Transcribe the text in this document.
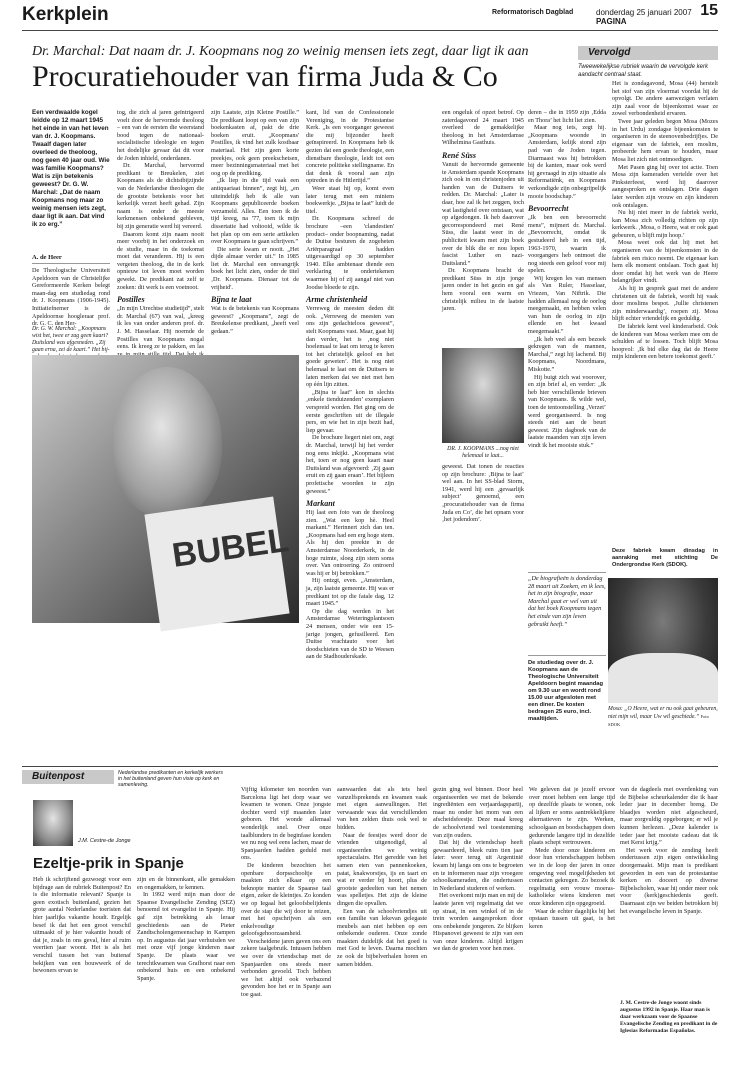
Kerkplein	Reformatorisch Dagblad	donderdag 25 januari 2007 PAGINA
15
Dr. Marchal: Dat naam dr. J. Koopmans nog zo weinig mensen iets zegt, daar ligt ik aan
Procuratiehouder van firma Juda & Co
Vervolgd
Tweewekelijkse rubriek waarin de vervolgde kerk aandacht centraal staat.
Een verdwaalde kogel leidde op 12 maart 1945 het einde in van het leven van dr. J. Koopmans. Twaalf dagen later overleed de theoloog, nog geen 40 jaar oud. Wie was familie Koopmans? Wat is zijn betekenis geweest? Dr. G. W. Marchal: „Dat de naam Koopmans nog maar zo weinig mensen iets zegt, daar ligt ik aan. Dat vind ik zo erg.”
A. de Heer

De Theologische Universiteit Apeldoorn van de Christelijke Gereformeerde Kerken belegt maan-dag een studiedag rond dr. J. Koopmans (1906-1945). Initiatiefnemer is de Apeldoornse hoogleraar prof. dr. G. C. den Her-

Dr. G. W. Marchal: „Koopmans wist het, twee er zag geen kaart? Duitsland was afgesneden. „Zij gaan erna, zei de kaart.” Het bij-

tog, die zich al jaren geïntrigeerd voelt door de hervormde theoloog – een van de eersten die weerstand bood tegen de nationaal-socialistische ideologie en tegen het dodelijke gevaar dat dit voor de Joden inhield, onderdanen.

Dr. Marchal, hervormd predikant te Breukelen, ziet Koopmans als de dichtstbijzijnde van de Nederlandse theologen die de grootste betekenis voor het kerkelijk verzet heeft gehad. Zijn naam is onder de meeste kerkmensen onbekend gebleven, bij zijn generatie werd hij vereerd.

Daarom komt zijn naam nooit meer voorbij in het onderzoek en de studie, maar in de toekomst moet dat veranderen. Hij is een vergeten theoloog, die in de kerk opnieuw tot leven moet worden gewekt. De predikant zat zelf te zoeken: dit werk is een voetnoot.

Postilles

„In mijn Utrechtse studietijd”, stelt dr. Marchal (67) van wal, „kreeg ik les van onder anderen prof. dr. J. M. Hasselaar. Hij noemde de Postilles van Koopmans nogal eens. Ik kreeg ze te pakken, en las

zijn Laatste, zijn Kleine Postille.” De predikant loopt op een van zijn boekenkasten af, pakt de drie boeken eruit. „Koopmans' Postilles, ik vind het zulk kostbaar materiaal. Het zijn geen korte preekjes, ook geen preekschetsen, meer bezinningsmateriaal met het oog op de prediking.

„Ik liep in die tijd vaak een antiquariaat binnen”, zegt hij, „en uiteindelijk heb ik alle van Koopmans gepubliceerde boeken verzameld. Alles. Een toen ik de tijd kreeg, na '77, toen ik mijn dissertatie had voltooid, wilde ik het plan op om een serie artikelen over Koopmans te gaan schrijven.”

Die serie kwam er nooit. „Het dijde almaar verder uit.” In 1985 liet dr. Marchal een omvangrijk boek het licht zien, onder de titel ‚Dr. Koopmans. Dienaar tot de vrijheid'.

Bijna te laat

Wat is de betekenis van Koopmans geweest? „Koopmans”, zegt de Breukelense predikant, „heeft veel gedaan.”

BUBEL

kant, lid van de Confessionele Vereniging, in de Protestantse Kerk. „Is een voorganger geweest die mij bijzonder heeft geïnspireerd. In Koopmans heb ik gezien dat een goede theologie, een dienstbare theologie, leidt tot een concrete politieke stellingname. En dat denk ik vooral aan zijn optreden in de Hitlertijd.”

Weer staat hij op, komt even later terug met een miniem boekwerkje. „Bijna te laat” luidt de titel.

Dr. Koopmans schreef de brochure –een 'clandestien' product– onder boopnaming, nadat de Duitse besturen de zogeheten Ariërparagraaf hadden uitgevaardigd op 30 september 1940. Elke ambtenaar diende een verklaring te ondertekenen waarmee hij of zij aangaf niet van Joodse bloede te zijn.

Arme christenheid

Verreweg de meesten deden dit ook. „Verreweg de meesten van ons zijn gedachteloos geweest”, stelt Koopmans vast. Maar, gaat hij dan verder, het is ‚nog niet hoelemaal te laat om terug te keren tot het christelijk geloof en het goede geweten’. Het is nog niet helemaal te laat om de Duitsers te laten merken dat we niet met hen op één lijn zitten.

„Bijna te laat” kon in slechts ‚enkele tienduizenden’ exemplaren verspreid worden. Het ging om de eerste geschriften uit de illegale pers, en wie het in zijn bezit had, liep gevaar.

De brochure liegert niet om, zegt dr. Marchal, terwijl hij het verder nog eens inkijkt. „Koopmans wist het, toen er nog geen kaart naar Duitsland was afgevoerd: ‚Zij gaan eruit en zij gaan eraan’. Het bijleen profetische woorden te zijn geweest.”

Markant

Hij laat een foto van de theoloog zien. „Wat een kop hè. Heel markant.” Herinnert zich dan ten. „Koopmans had een erg hoge stem. Als hij den preekte in de Amsterdamse Noorderkerk, in de hoge ruimte, sloeg zijn stem soms over. Van ontroering. Zo ontroerd was hij er bij betrokken.”

Hij ontzgt, even. „Amsterdam, ja, zijn laatste gemeente. Hij was er predikant tot op die fatale dag, 12 maart 1945.”

Op die dag werden in het Amsterdamse Weteringplantsoen 24 mensen, onder wie een 15-jarige jongen, gefusilleerd. Een Duitse vrachtauto voer het doodschieten van de SD te Weesen aan de Stadhouderskade.

een ongeluk of opzet betrof. Op zaterdagavond 24 maart 1945 overleed de gemakkelijke theoloog in het Amsterdamse Wilhelmina Gasthuis.

René Süss

Vanuit de hervormde gemeente te Amsterdam spande Koopmans zich ook in om christenjoden uit handen van de Duitsers te redden. Dr. Marchal: „Later is daar, hoe zal ik het zeggen, toch wat lastigheid over ontstaan, wat op afgedongen. Ik heb daarover gecorrespondeerd met René Süss, die laatst weer in de publiciteit kwam met zijn boek over de blik die er nou lopen fascist Luther en nazi-Duitsland.”

Dr. Koopmans bracht de predikant Süss in zijn jonge jaren onder in het gezin en gaf hem vooral een warm en christelijk milieu in de laatste jaren.

DR. J. KOOPMANS ...nog niet helemaal te laat...

geweest. Dat tonen de reacties op zijn brochure: ‚Bijna te laat’ wel aan. In het SS-blad Storm, 1941, werd hij een ‚gevaarlijk subject’ genoemd, een ‚procuratiehouder van de firma Juda en Co’, die het opnam voor ‚het jodendom’.

deren – die in 1959 zijn ‚Edda en Thora’ het licht liet zien.

Maar nog iets, zegt hij. „Koopmans woonde in Amsterdam, kelijk stond zijn pad van de Joden tegen. Diarmaast was hij betrokken bij de kanten, maar ook werd hij gevraagd in zijn situatie als Reformatiënk, en Koopmans verkondigde zijn onbegrijpelijk mooie boodschap.”

Bevoorrecht

„Ik ben een bevoorrecht mens”, mijmert dr. Marchal. „Bevoorrecht, omdat ik gestudeerd heb in een tijd, 1963-1970, waarin ik voorgangers heb ontmoet die nog steeds een geloof voor mij spelen.

Wij kregen les van mensen als Van Ruler, Hasselaar, Vriezen, Van Niftrik. Die hadden allemaal nog de oorlog meegemaakt, en hebben velen van hun de oorlog in zijn ellende en het kwaad meegemaakt.”

„Ik heb veel als een bezoek gekregen van de mannen, Marchal,” zegt hij lachend. Bij Koopmans, Noordmans, Miskotte.”

Hij buigt zich wat voorover, en zijn brief al, en verder: „Ik heb hier verschillende brieven van Koopmans. Ik wilde wel, toen de tentoonstelling ‚Verzet’ werd georganiseerd. Is nog steeds niet aan de beurt geweest. Zijn dagboek van de laatste maanden van zijn leven vindt ik het mooiste stuk.”

„De biografieën is donderdag 28 maart uit Zoeken, en ik lees, het in zijn biografie, maar Marchal gaat er wel van uit dat het boek Koopmans tegen het einde van zijn leven gebruikt heeft.”
De studiedag over dr. J. Koopmans aan de Theologische Universiteit Apeldoorn begint maandag om 9.30 uur en wordt rond 15.00 uur afgesloten met een diner. De kosten bedragen 25 euro, incl. maaltijden.

Het is zondagavond, Mosa (44) herstelt het stof van zijn vloermat voordat hij de opvolgt. De andere aanwezigen verlaten zijn zaal voor de bijeenkomst waar ze zowel verbondenheid ervaren.

Twee jaar geleden begon Mosa (Mozes in het Urdu) zondagse bijeenkomsten te organiseren in de steenovenbedrijfjes. De eigenaar van de fabriek, een moslim, probeerde hem ervan te houden, maar Mosa liet zich niet ontmoedigen.

Met Pasen ging hij over tot actie. Toen Mosa zijn kameraden vertelde over het Pinksterfeest, werd hij daarover aangesproken en ontslagen. Drie dagen later werden zijn vrouw en zijn kinderen ook ontslagen.

Nu hij niet meer in de fabriek werkt, kan Mosa zich volledig richten op zijn kerkwerk. ‚Mosa, o Heere, wat er ook gaat gebeuren, u blijft mijn hoop.’

Mosa weet ook dat hij met het organiseren van de bijeenkomsten in de fabriek een risico neemt. De eigenaar kan hem elk moment ontslaan. Toch gaat hij door omdat hij het werk van de Heere belangrijker vindt.

Als hij in gesprek gaat met de andere christenen uit de fabriek, wordt hij vaak door moslims bespot. ‚Jullie christenen zijn minderwaardig’, roepen zij. Mosa blijft echter vriendelijk en geduldig.

De fabriek kent veel kinderarbeid. Ook de kinderen van Mosa werken mee om de schulden af te lossen. Toch blijft Mosa hoopvol: ‚Ik bid elke dag dat de Heere mijn kinderen een betere toekomst geeft.’

Deze fabriek kwam dinsdag in aanraking met stichting De Ondergrondse Kerk (SDOK).
Mosa: „O Heere, wat er nu ook gaat gebeuren, niet mijn wil, maar Uw wil geschiede.” Foto SDOK
Buitenpost	Nederlandse predikanten en kerkelijk werkers in het buitenland geven hun visie op kerk en samenleving.
J.M. Cestre-de Jonge
Ezeltje-prik in Spanje

Heb ik schrijftend gezwoegt voor een bijdrage aan de rubriek Buitenpost? En is die informatie relevant? Spanje is geen exotisch buitenland, gezien het grote aantal Nederlandse toeristen dat hier jaarlijks vakantie houdt. Ergelijk besef ik dat het een groot verschil uitmaakt of je hier vakantie houdt of dat je, zoals in ons geval, hier al ruim veertien jaar woont. Het is als het verschil tussen het van buitenaf bekijken van een bouwwerk of de bewoners ervan te

zijn en de binnenkant, alle gemakken en ongemakken, te kennen.

In 1992 werd mijn man door de Spaanse Evangelische Zending (SEZ) benoemd tot evangelist in Spanje. Hij gaf zijn betrekking als leraar geschiedenis aan de Pieter Zandtscholengemeenschap in Kampen op. In augustus dat jaar verhuisden we met onze vijf jonge kinderen naar Spanje. De plaats waar we terechtkwamen was Grafhorst naar een onbekend huis en een onbekend Spanje.

Vijftig kilometer ten noorden van Barcelona ligt het dorp waar we kwamen te wonen. Onze jongste dochter werd vijf maanden later geboren. Het wonde allemaal wonderlijk snel. Over onze taalblunders in de beginfase konden we nu nog wel eens lachen, maar de Spanjaarden hadden geduld met ons.

De kinderen bezochten het openbare dorpsschooltje en maakten zich elkaar op een beknopte manier de Spaanse taal eigen, zeker de kleintjes. Zo konden we op Iegaal het geloofsbelijdenis over de stap die wij door te reizen, met het opschrijven als een enkelvoudige geloofsgehoorzaamheid.

Verscheidene jaren gaven ons een zekere taalgebruik. Intussen hebben we over de vriendschap met de Spanjaarden ons steeds meer verbonden gevoeld. Toch hebben we het altijd ook verbazend gevonden hoe het er in Spanje aan toe gaat.

aanwaarden dat als iets heel vanzelfsprekends en kwamen vaak met eigen aanwullingen. Het verwaande was dat verschillenden van hen zelden thuis ook wel te bidden.

Naar de feestjes werd door de vrienden uitgenodigd, al organiseerden we weinig spectaculairs. Het geredde van het samen eten van pannenkoeken, patat, knakworstjes, ijs en taart en wat er verder bij hoort, plus de grootste gedeelten van het nemen was spelletjes. Het zijn de kleine dingen die opvallen.

Een van de schoolvriendjes uit een familie van lekevan gelegaste meubels aan niet hebben op een onbekende ouderen. Onze zonde maakten duidelijk dat het goed is met God te leven. Daarna mochten ze ook de bijbelverhalen horen en samen bidden.

gezin ging wel binnen. Door heel organiseerden we met de bekende ingrediënten een verjaardagspartij, maar nu onder het mom van een afscheidsfeestje. Deze maal kreeg de schoolvriend wel toestemming van zijn ouders.

Dat hij die vriendschap heeft gewaardeerd, bleek ruim tien jaar later: weer terug uit Argentinië kwam hij langs om ons te begroeten en te informeren naar zijn vroegere schoolkameraden, die ondertussen in Nederland studeren of werken.

Het overkomt mijn man en mij de laatste jaren vrij regelmatig dat we op straat, in een winkel of in de trein worden aangesproken door ons onbekende jongeren. Ze blijken Hispanovet geweest te zijn van een van onze kinderen. Altijd krijgen we dan de groeten voor hen mee.

We geleven dat je jezelf ervoor over moet hebben een lange tijd op dezelfde plaats te wonen, ook al lijken er soms aantrekkelijkere alternatieven te zijn. Werken, schoolgaan en boodschappen doen gedurende langere tijd in dezelfde plaats schept vertrouwen.

Mede door onze kinderen en door hun vriendschappen hebben we in de loop der jaren in onze omgeving veel mogelijkheden tot contacten gekregen. Zo bezoek ik regelmatig een vrouw moeras-katholieke wiens kinderen met onze kinderen zijn opgegroeid.

Waar de echter dagelijks bij het opstaan tussen uit gaat, is het keren

van de dagdeels met overdenking van de Bijbelse scheurkalender die ik haar leder jaar in december breng. De blaadjes worden niet afgescheurd, maar zorgvuldig opgeborgen; er wil je kunnen herlezen. „Deze kalender is ieder jaar het mooiste cadeau dat ik met Kerst krijg.”

Het werk voor de zending heeft ondertussen zijn eigen ontwikkeling doorgemaakt. Mijn man is predikant geworden in een van de protestantse kerken en doceert op diverse Bijbelscholen, waar hij onder meer ook voor (kerk)geschiedenis geeft. Daarnaast zijn we beiden betrokken bij het evangelische leven in Spanje.

J. M. Cestre-de Jonge woont sinds augustus 1992 in Spanje. Haar man is daar werkzaam voor de Spaanse Evangelische Zending en predikant in de Iglesias Reformadas Españolas.
